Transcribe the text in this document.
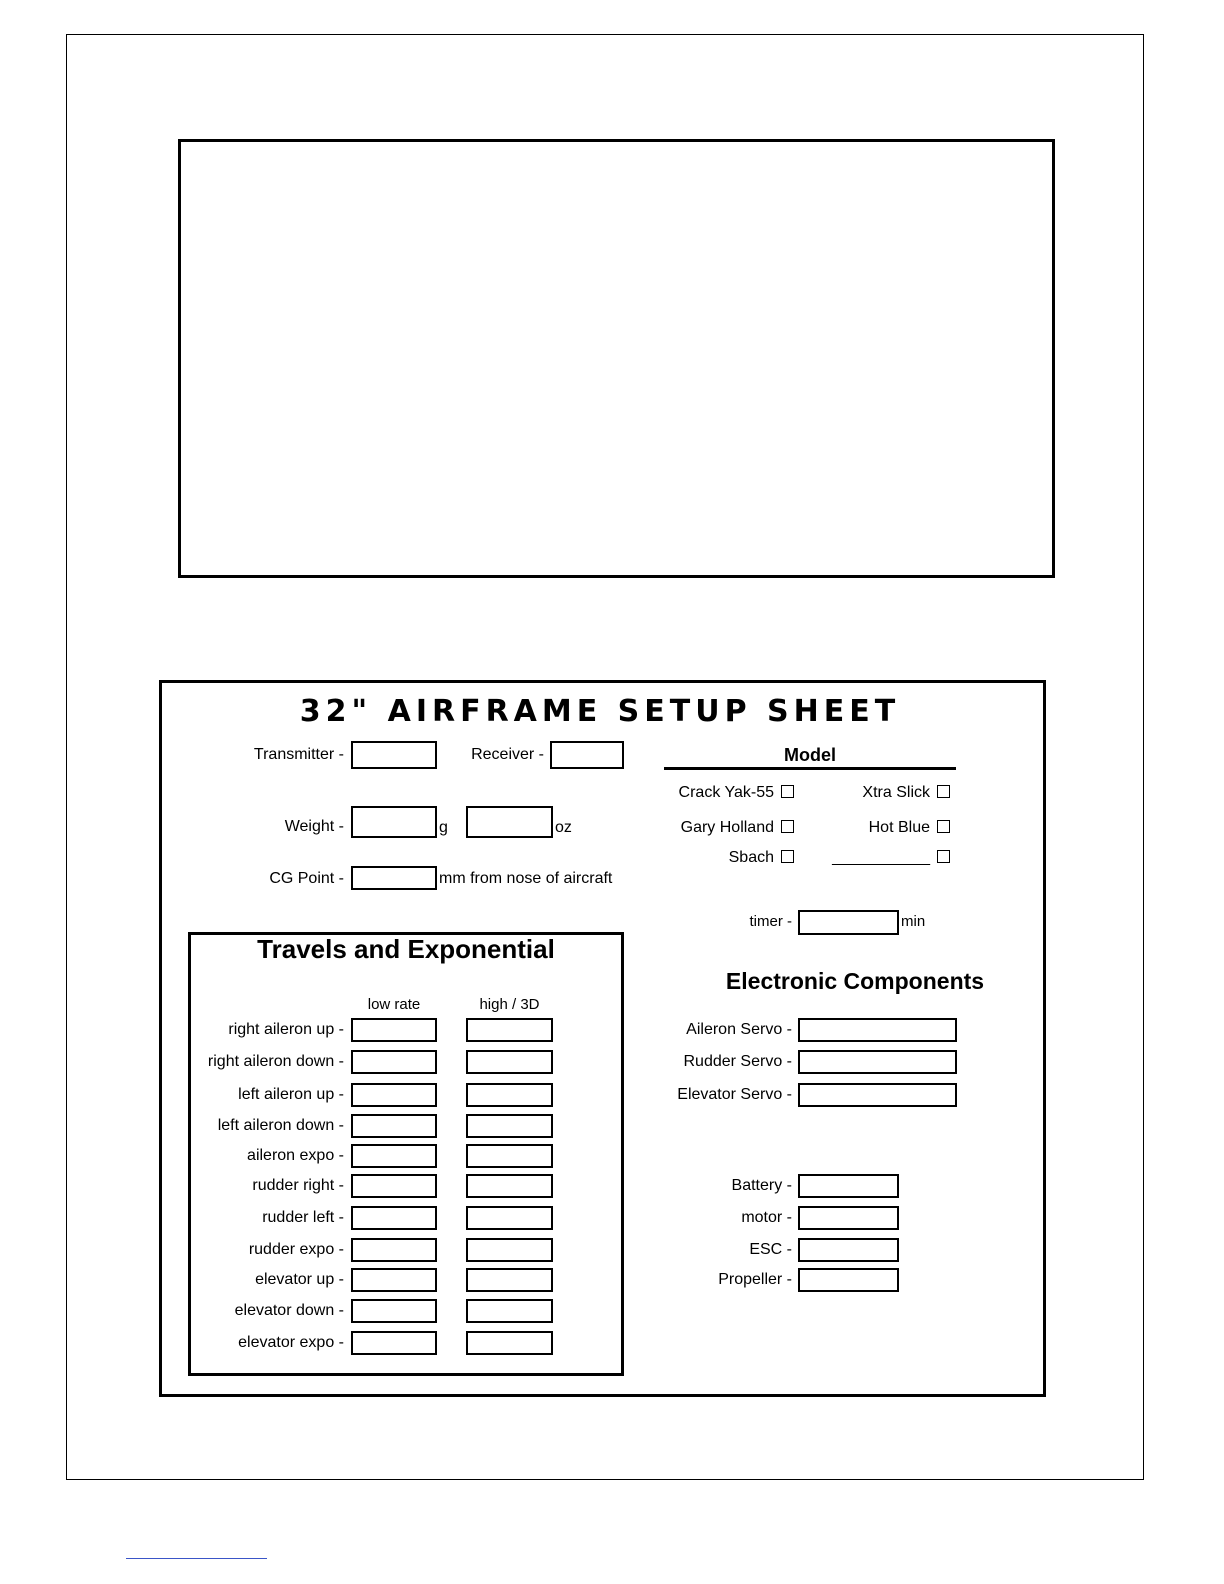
32" AIRFRAME SETUP SHEET
Transmitter -	Receiver -
Weight -	g	oz
CG Point -	mm from nose of aircraft
Model
Crack Yak-55	Xtra Slick
Gary Holland	Hot Blue
Sbach	___________
timer -	min
Travels and Exponential
low rate	high / 3D
right aileron up -
right aileron down -
left aileron up -
left aileron down -
aileron expo -
rudder right -
rudder left -
rudder expo -
elevator up -
elevator down -
elevator expo -
Electronic Components
Aileron Servo -
Rudder Servo -
Elevator Servo -
Battery -
motor -
ESC -
Propeller -
